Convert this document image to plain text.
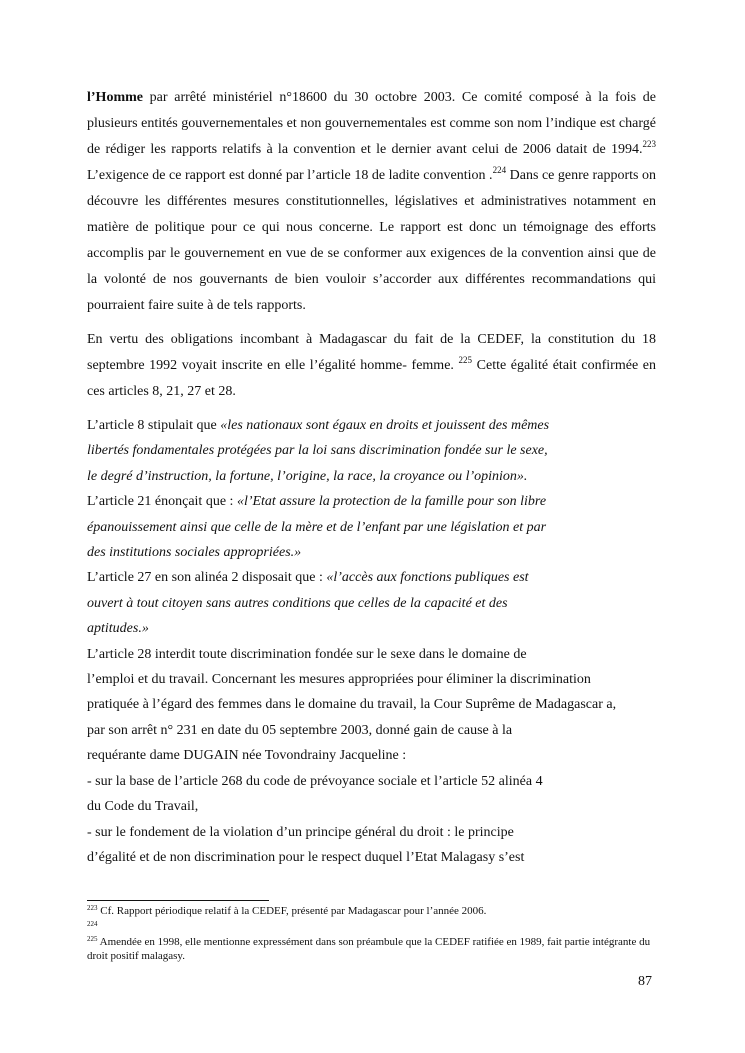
l’Homme par arrêté ministériel n°18600 du 30 octobre 2003. Ce comité composé à la fois de plusieurs entités gouvernementales et non gouvernementales est comme son nom l’indique est chargé de rédiger les rapports relatifs à la convention et le dernier avant celui de 2006 datait de 1994.$^{223}$ L’exigence de ce rapport est donné par l’article 18 de ladite convention .$^{224}$ Dans ce genre rapports on découvre les différentes mesures constitutionnelles, législatives et administratives notamment en matière de politique pour ce qui nous concerne. Le rapport est donc un témoignage des efforts accomplis par le gouvernement en vue de se conformer aux exigences de la convention ainsi que de la volonté de nos gouvernants de bien vouloir s’accorder aux différentes recommandations qui pourraient faire suite à de tels rapports.

En vertu des obligations incombant à Madagascar du fait de la CEDEF, la constitution du 18 septembre 1992 voyait inscrite en elle l’égalité homme- femme. $^{225}$ Cette égalité était confirmée en ces articles 8, 21, 27 et 28.

L’article 8 stipulait que «les nationaux sont égaux en droits et jouissent des mêmes
libertés fondamentales protégées par la loi sans discrimination fondée sur le sexe,
le degré d’instruction, la fortune, l’origine, la race, la croyance ou l’opinion».
L’article 21 énonçait que : «l’Etat assure la protection de la famille pour son libre
épanouissement ainsi que celle de la mère et de l’enfant par une législation et par
des institutions sociales appropriées.»
L’article 27 en son alinéa 2 disposait que : «l’accès aux fonctions publiques est
ouvert à tout citoyen sans autres conditions que celles de la capacité et des
aptitudes.»
L’article 28 interdit toute discrimination fondée sur le sexe dans le domaine de
l’emploi et du travail. Concernant les mesures appropriées pour éliminer la discrimination
pratiquée à l’égard des femmes dans le domaine du travail, la Cour Suprême de Madagascar a,
par son arrêt n° 231 en date du 05 septembre 2003, donné gain de cause à la
requérante dame DUGAIN née Tovondrainy Jacqueline :
- sur la base de l’article 268 du code de prévoyance sociale et l’article 52 alinéa 4
du Code du Travail,
- sur le fondement de la violation d’un principe général du droit : le principe
d’égalité et de non discrimination pour le respect duquel l’Etat Malagasy s’est
$^{223}$ Cf. Rapport périodique relatif à la CEDEF, présenté par Madagascar pour l’année 2006.
$^{224}$
$^{225}$ Amendée en 1998, elle mentionne expressément dans son préambule que la CEDEF ratifiée en 1989, fait partie intégrante du droit positif malagasy.
87
